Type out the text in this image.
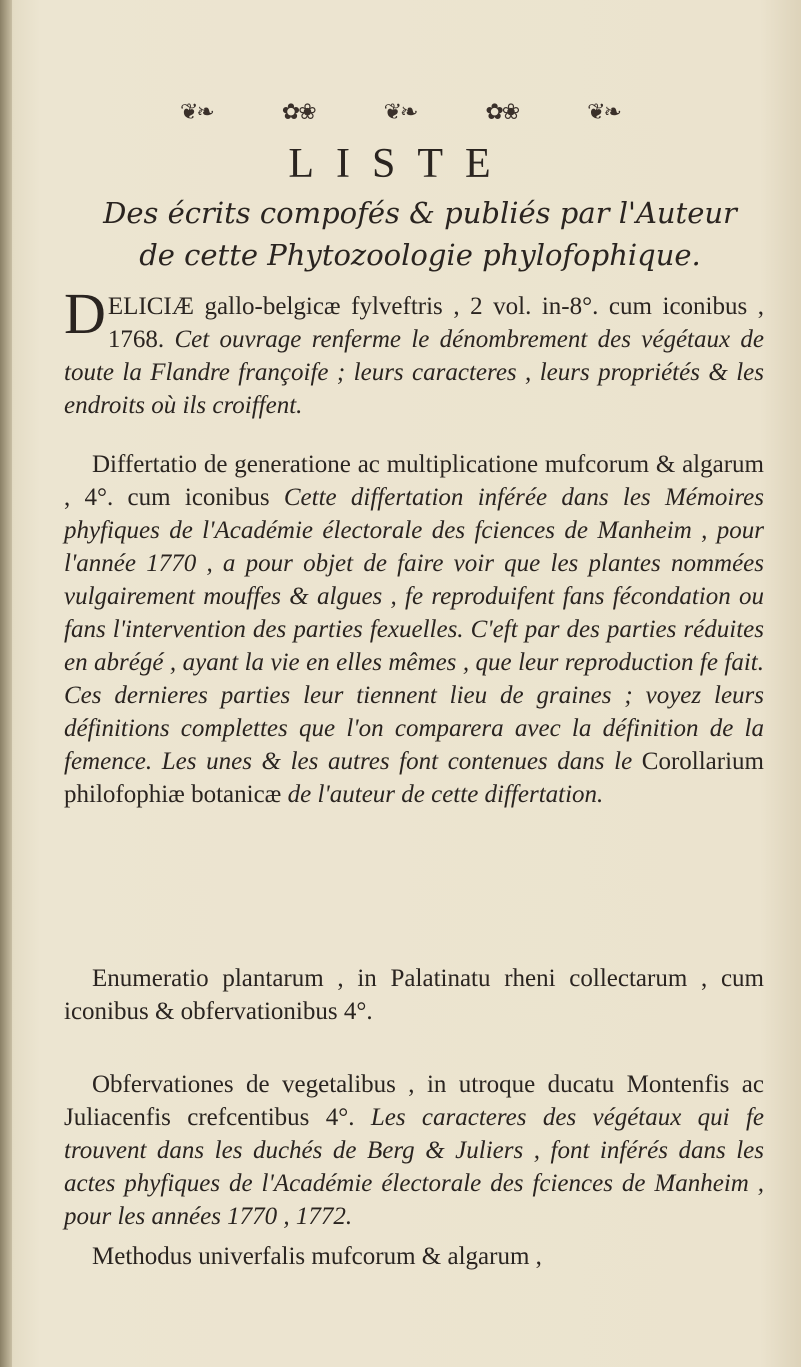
❦❧	✿❀	❦❧	✿❀	❦❧
LISTE
Des écrits compofés & publiés par l'Auteur
de cette Phytozoologie phylofophique.
DELICIÆ gallo-belgicæ fylveftris , 2 vol. in-8°. cum iconibus , 1768. Cet ouvrage renferme le dénombrement des végétaux de toute la Flandre françoife ; leurs caracteres , leurs propriétés & les endroits où ils croiffent.
Differtatio de generatione ac multiplicatione mufcorum & algarum , 4°. cum iconibus Cette differtation inférée dans les Mémoires phyfiques de l'Académie électorale des fciences de Manheim , pour l'année 1770 , a pour objet de faire voir que les plantes nommées vulgairement mouffes & algues , fe reproduifent fans fécondation ou fans l'intervention des parties fexuelles. C'eft par des parties réduites en abrégé , ayant la vie en elles mêmes , que leur reproduction fe fait. Ces dernieres parties leur tiennent lieu de graines ; voyez leurs définitions complettes que l'on comparera avec la définition de la femence. Les unes & les autres font contenues dans le Corollarium philofophiæ botanicæ de l'auteur de cette differtation.
Enumeratio plantarum , in Palatinatu rheni collectarum , cum iconibus & obfervationibus 4°.
Obfervationes de vegetalibus , in utroque ducatu Montenfis ac Juliacenfis crefcentibus 4°. Les caracteres des végétaux qui fe trouvent dans les duchés de Berg & Juliers , font inférés dans les actes phyfiques de l'Académie électorale des fciences de Manheim , pour les années 1770 , 1772.
Methodus univerfalis mufcorum & algarum ,
